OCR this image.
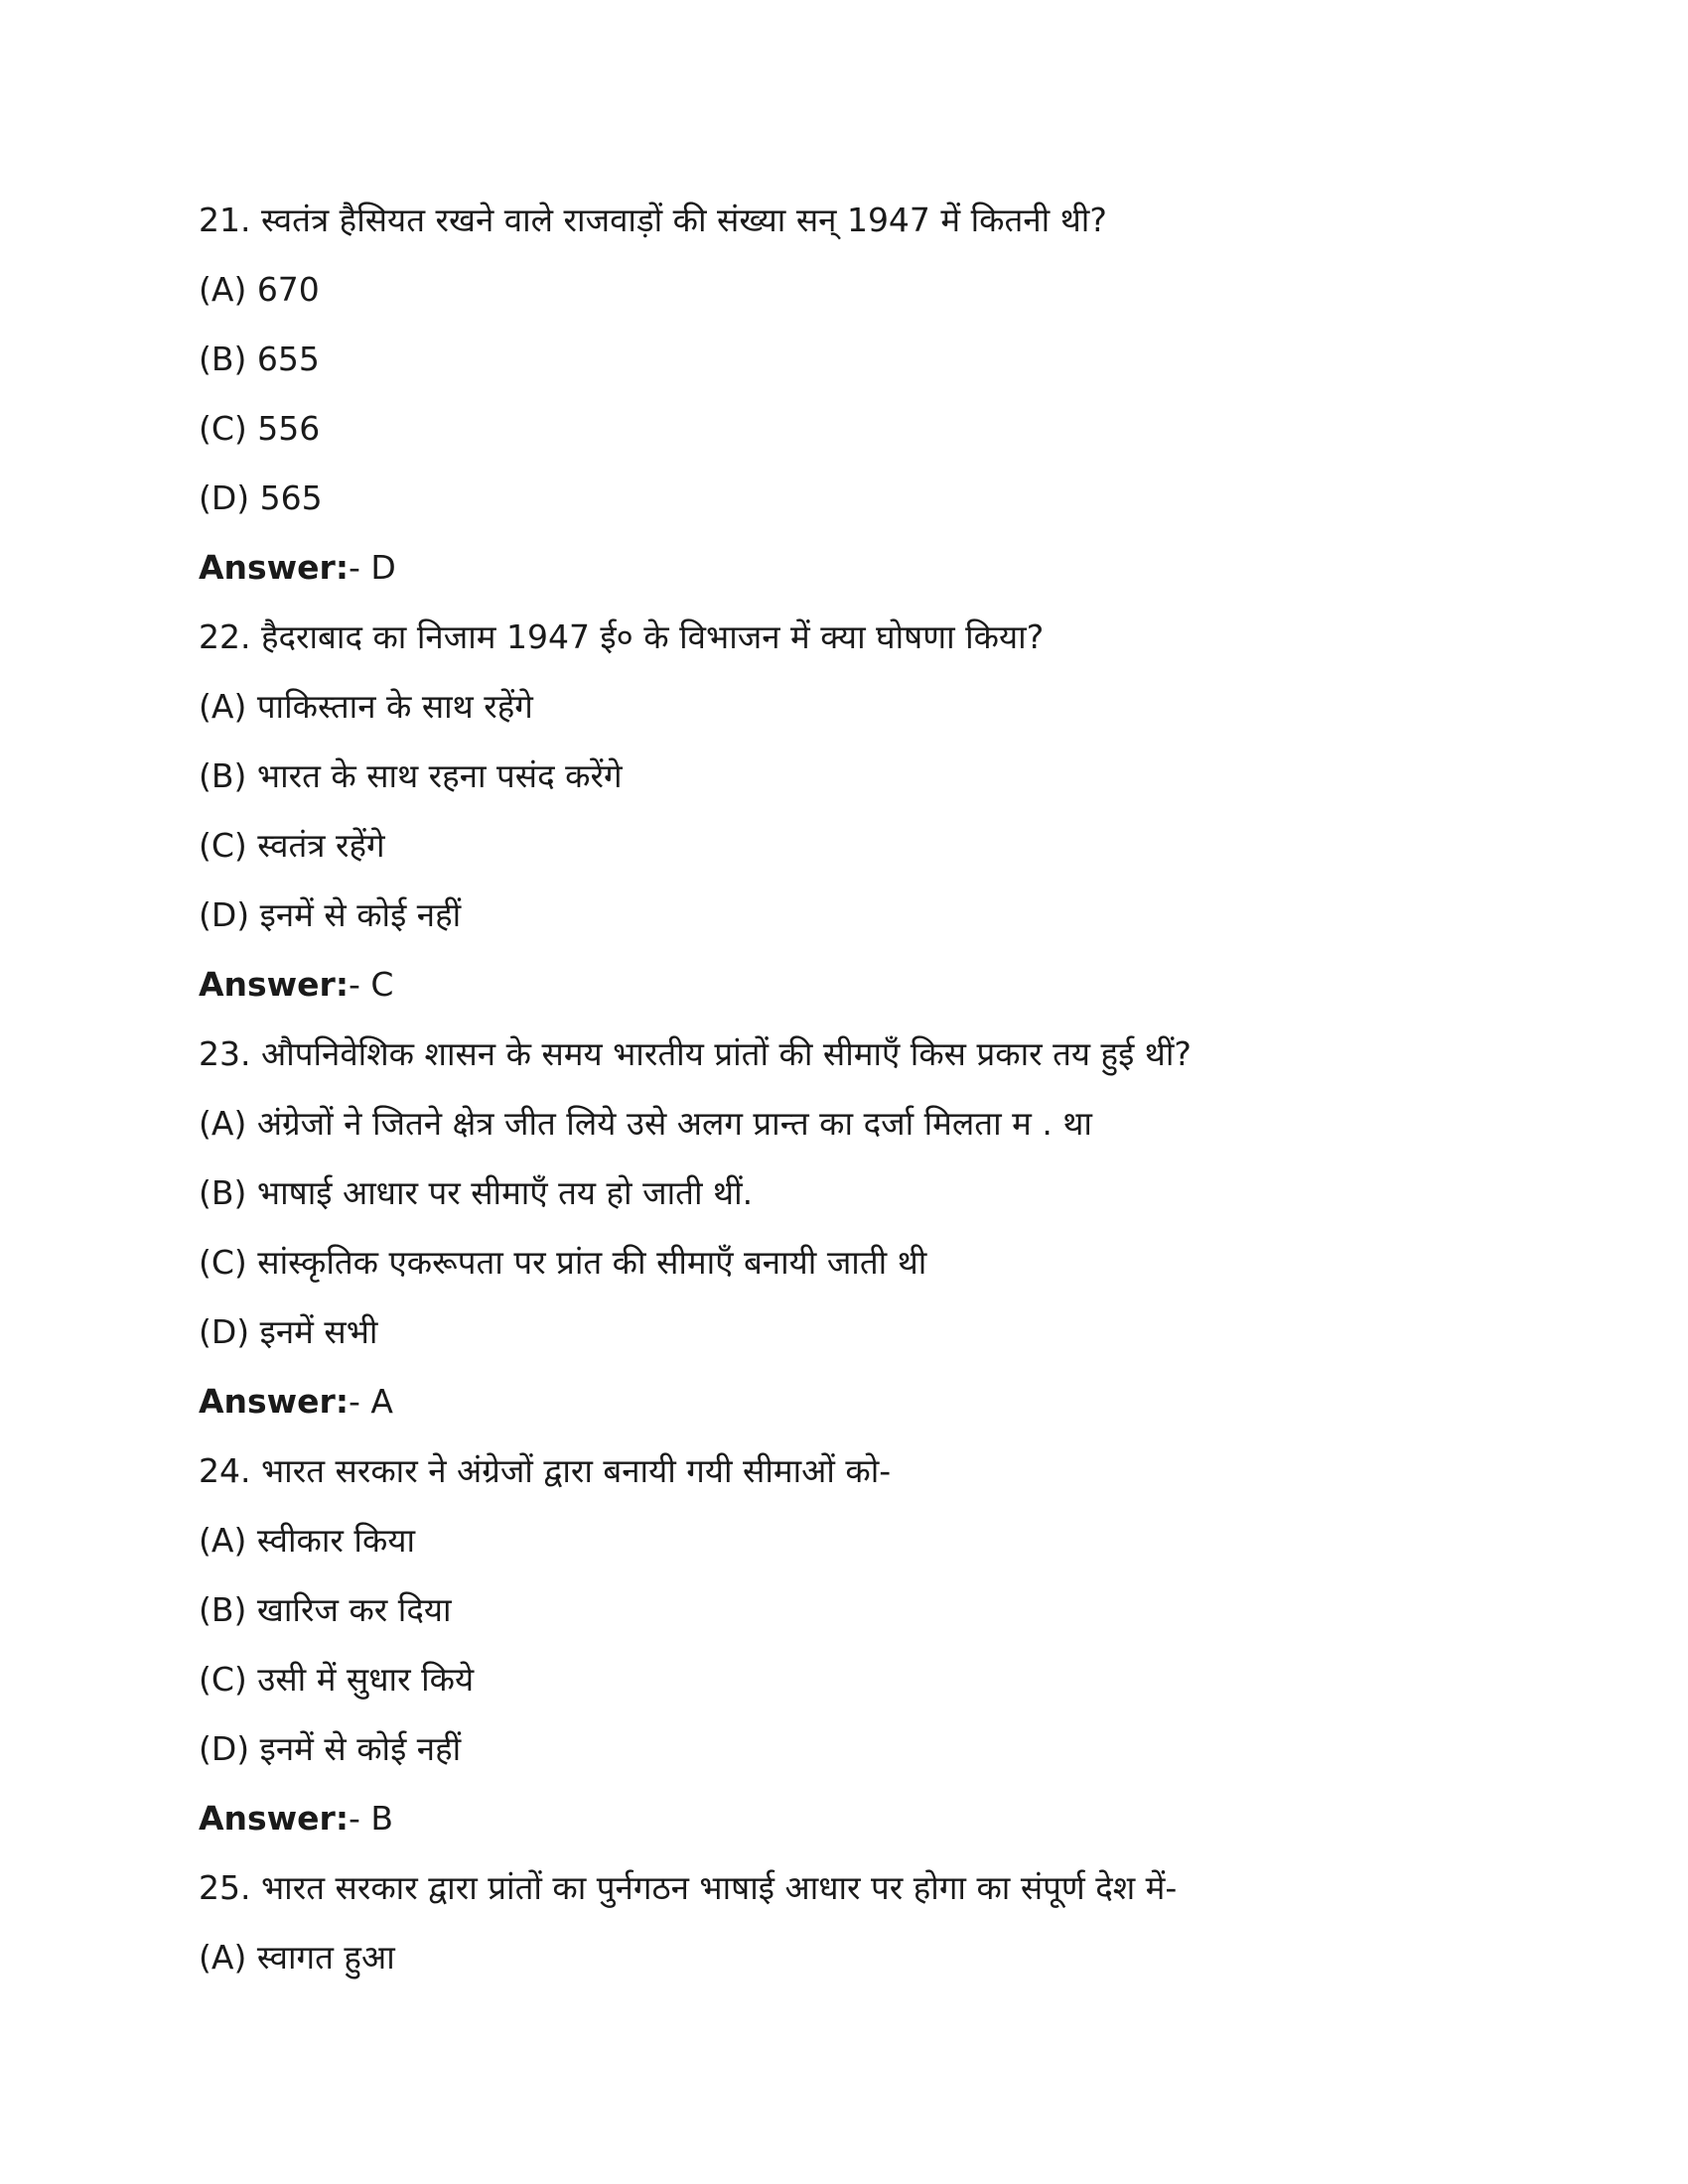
21. स्वतंत्र हैसियत रखने वाले राजवाड़ों की संख्या सन् 1947 में कितनी थी?
(A) 670
(B) 655
(C) 556
(D) 565
Answer:- D
22. हैदराबाद का निजाम 1947 ई० के विभाजन में क्या घोषणा किया?
(A) पाकिस्तान के साथ रहेंगे
(B) भारत के साथ रहना पसंद करेंगे
(C) स्वतंत्र रहेंगे
(D) इनमें से कोई नहीं
Answer:- C
23. औपनिवेशिक शासन के समय भारतीय प्रांतों की सीमाएँ किस प्रकार तय हुई थीं?
(A) अंग्रेजों ने जितने क्षेत्र जीत लिये उसे अलग प्रान्त का दर्जा मिलता म . था
(B) भाषाई आधार पर सीमाएँ तय हो जाती थीं.
(C) सांस्कृतिक एकरूपता पर प्रांत की सीमाएँ बनायी जाती थी
(D) इनमें सभी
Answer:- A
24. भारत सरकार ने अंग्रेजों द्वारा बनायी गयी सीमाओं को-
(A) स्वीकार किया
(B) खारिज कर दिया
(C) उसी में सुधार किये
(D) इनमें से कोई नहीं
Answer:- B
25. भारत सरकार द्वारा प्रांतों का पुर्नगठन भाषाई आधार पर होगा का संपूर्ण देश में-
(A) स्वागत हुआ
